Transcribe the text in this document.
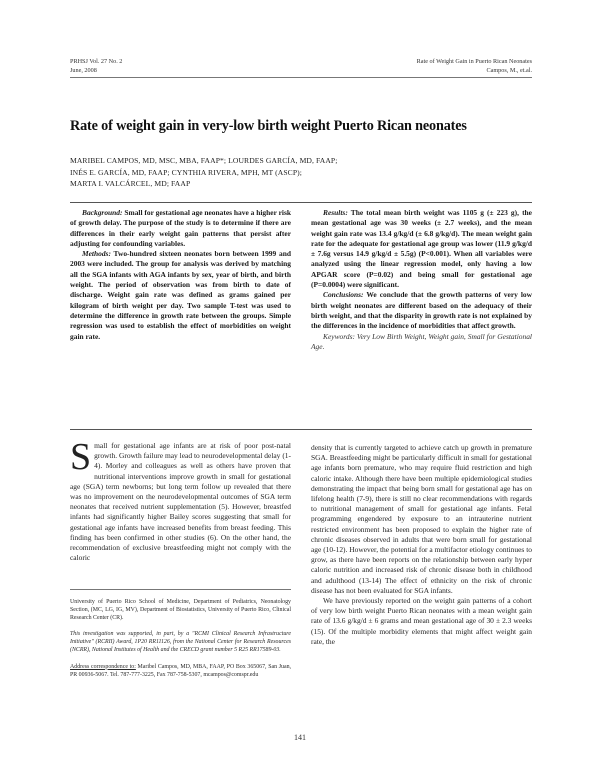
PRHSJ Vol. 27 No. 2
June, 2008
Rate of Weight Gain in Puerto Rican Neonates
Campos, M., et.al.
Rate of weight gain in very-low birth weight Puerto Rican neonates
MARIBEL CAMPOS, MD, MSC, MBA, FAAP*; LOURDES GARCÍA, MD, FAAP;
INÉS E. GARCÍA, MD, FAAP; CYNTHIA RIVERA, MPH, MT (ASCP);
MARTA I. VALCÁRCEL, MD; FAAP

Background: Small for gestational age neonates have a higher risk of growth delay. The purpose of the study is to determine if there are differences in their early weight gain patterns that persist after adjusting for confounding variables.

Methods: Two-hundred sixteen neonates born between 1999 and 2003 were included. The group for analysis was derived by matching all the SGA infants with AGA infants by sex, year of birth, and birth weight. The period of observation was from birth to date of discharge. Weight gain rate was defined as grams gained per kilogram of birth weight per day. Two sample T-test was used to determine the difference in growth rate between the groups. Simple regression was used to establish the effect of morbidities on weight gain rate.

Results: The total mean birth weight was 1105 g (± 223 g), the mean gestational age was 30 weeks (± 2.7 weeks), and the mean weight gain rate was 13.4 g/kg/d (± 6.8 g/kg/d). The mean weight gain rate for the adequate for gestational age group was lower (11.9 g/kg/d ± 7.6g versus 14.9 g/kg/d ± 5.5g) (P<0.001). When all variables were analyzed using the linear regression model, only having a low APGAR score (P=0.02) and being small for gestational age (P=0.0004) were significant.

Conclusions: We conclude that the growth patterns of very low birth weight neonates are different based on the adequacy of their birth weight, and that the disparity in growth rate is not explained by the differences in the incidence of morbidities that affect growth.

Keywords: Very Low Birth Weight, Weight gain, Small for Gestational Age.

Small for gestational age infants are at risk of poor post-natal growth. Growth failure may lead to neurodevelopmental delay (1-4). Morley and colleagues as well as others have proven that nutritional interventions improve growth in small for gestational age (SGA) term newborns; but long term follow up revealed that there was no improvement on the neurodevelopmental outcomes of SGA term neonates that received nutrient supplementation (5). However, breastfed infants had significantly higher Bailey scores suggesting that small for gestational age infants have increased benefits from breast feeding. This finding has been confirmed in other studies (6). On the other hand, the recommendation of exclusive breastfeeding might not comply with the caloric

University of Puerto Rico School of Medicine, Department of Pediatrics, Neonatology Section, (MC, LG, IG, MV), Department of Biostatistics, University of Puerto Rico, Clinical Research Center (CR).

This investigation was supported, in part, by a "RCMI Clinical Research Infrastructure Initiative" (RCRII) Award, 1P20 RR11126, from the National Center for Research Resources (NCRR), National Institutes of Health and the CRECD grant number 5 R25 RR17589-03.

Address correspondence to: Maribel Campos, MD, MBA, FAAP, PO Box 365067, San Juan, PR 00936-5067. Tel. 787-777-3225, Fax 787-758-5307, mcampos@comspr.edu

density that is currently targeted to achieve catch up growth in premature SGA. Breastfeeding might be particularly difficult in small for gestational age infants born premature, who may require fluid restriction and high caloric intake. Although there have been multiple epidemiological studies demonstrating the impact that being born small for gestational age has on lifelong health (7-9), there is still no clear recommendations with regards to nutritional management of small for gestational age infants. Fetal programming engendered by exposure to an intrauterine nutrient restricted environment has been proposed to explain the higher rate of chronic diseases observed in adults that were born small for gestational age (10-12). However, the potential for a multifactor etiology continues to grow, as there have been reports on the relationship between early hyper caloric nutrition and increased risk of chronic disease both in childhood and adulthood (13-14) The effect of ethnicity on the risk of chronic disease has not been evaluated for SGA infants.

We have previously reported on the weight gain patterns of a cohort of very low birth weight Puerto Rican neonates with a mean weight gain rate of 13.6 g/kg/d ± 6 grams and mean gestational age of 30 ± 2.3 weeks (15). Of the multiple morbidity elements that might affect weight gain rate, the

141
